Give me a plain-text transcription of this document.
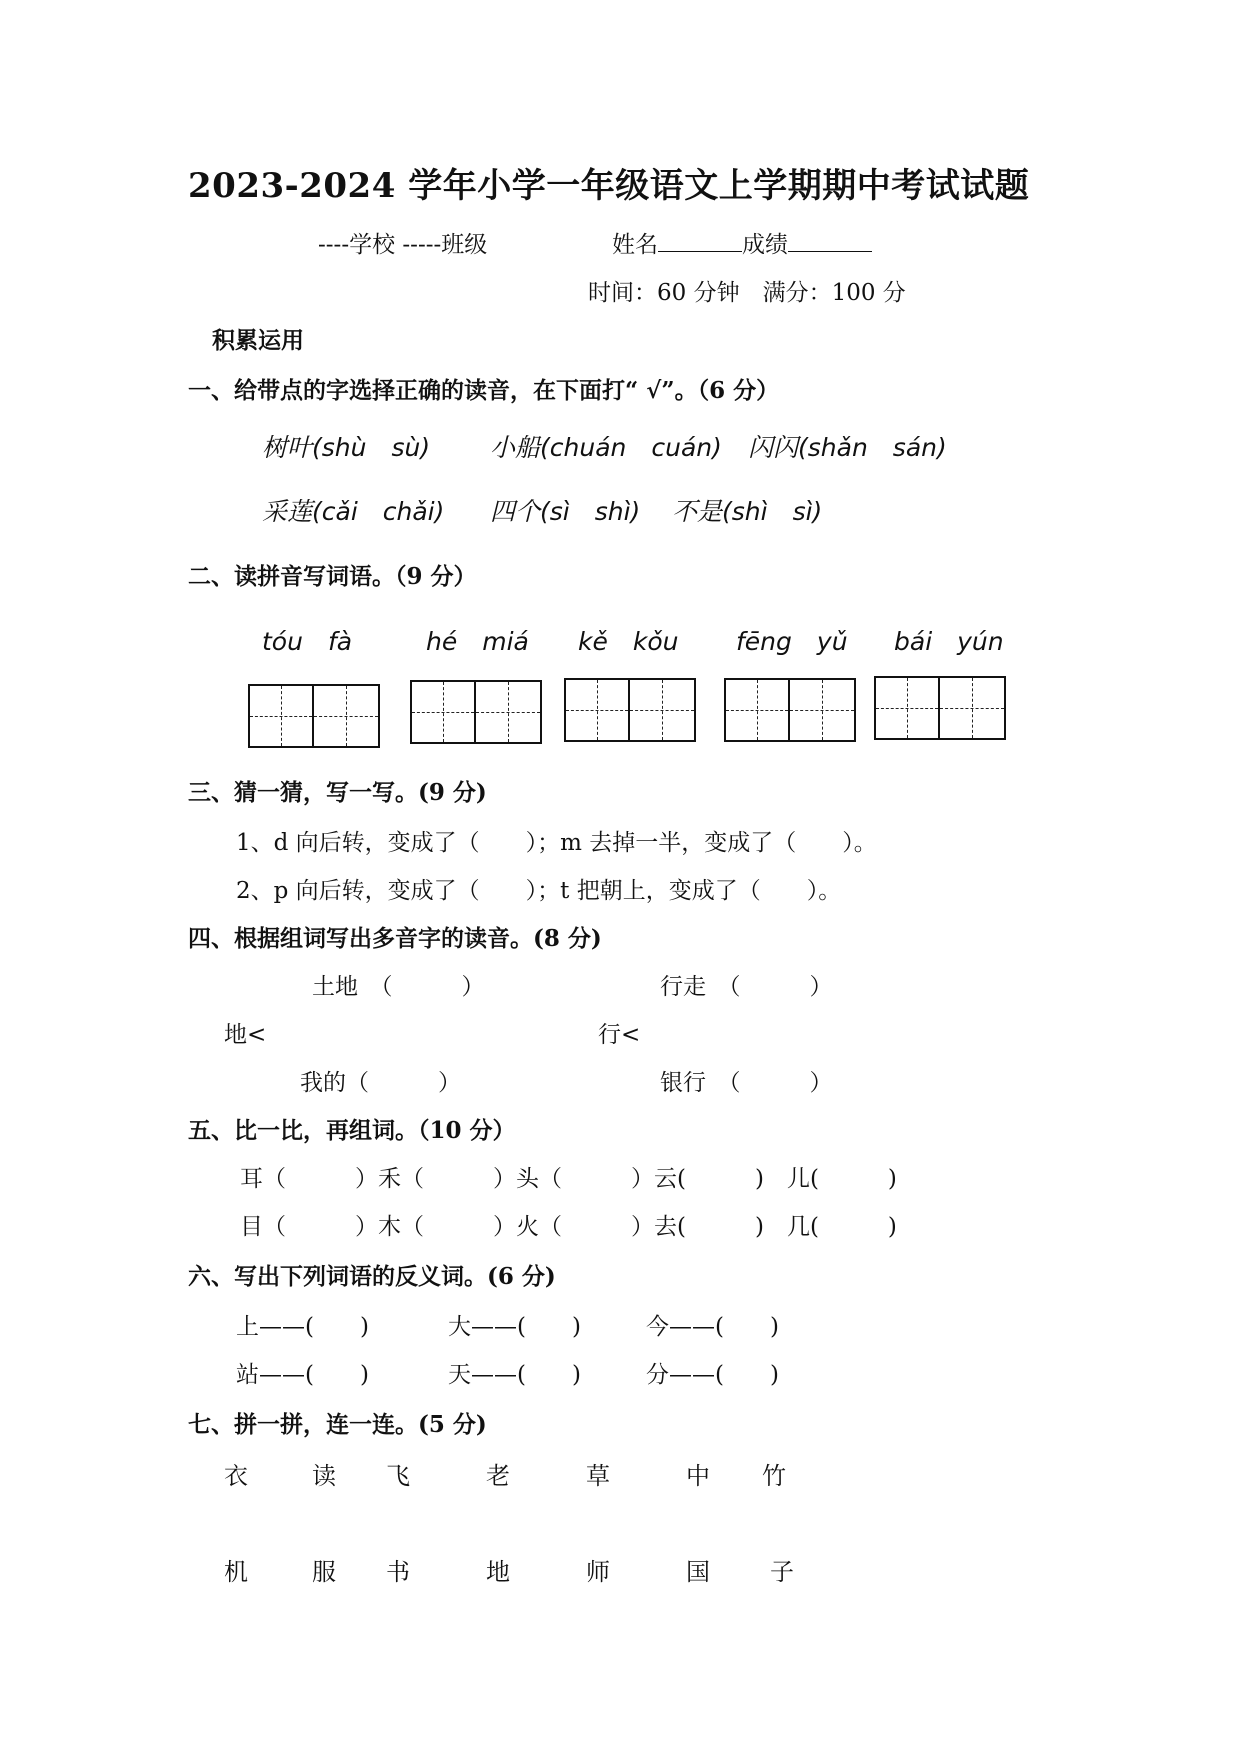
2023-2024 学年小学一年级语文上学期期中考试试题
----学校 -----班级	姓名	成绩
时间：60 分钟　满分：100 分
积累运用
一、给带点的字选择正确的读音，在下面打“ √”。（6 分）
树叶(shù　sù) 小船(chuán　cuán) 闪闪(shǎn　sán)
采莲(cǎi　chǎi) 四个(sì　shì) 不是(shì　sì)
二、读拼音写词语。（9 分）
tóu　fà	hé　miá kě　kǒu fēng　yǔ bái　yún
三、猜一猜，写一写。(9 分)
1、d 向后转，变成了（　　）；m 去掉一半，变成了（　　）。
2、p 向后转，变成了（　　）；t 把朝上，变成了（　　）。
四、根据组词写出多音字的读音。(8 分)
土地　（　　　）	行走　（　　　）
地<	行<
我的（　　　）	银行　（　　　）
五、比一比，再组词。（10 分）
耳（　　　）禾（　　　）头（　　　）云(　　　)　儿(　　　)
目（　　　）木（　　　）火（　　　）去(　　　)　几(　　　)
六、写出下列词语的反义词。(6 分)
上——(　　)	大——(　　)	今——(　　)
站——(　　)	天——(　　)	分——(　　)
七、拼一拼，连一连。(5 分)
衣	读 飞	老	草	中 竹
机	服 书	地	师	国	子
